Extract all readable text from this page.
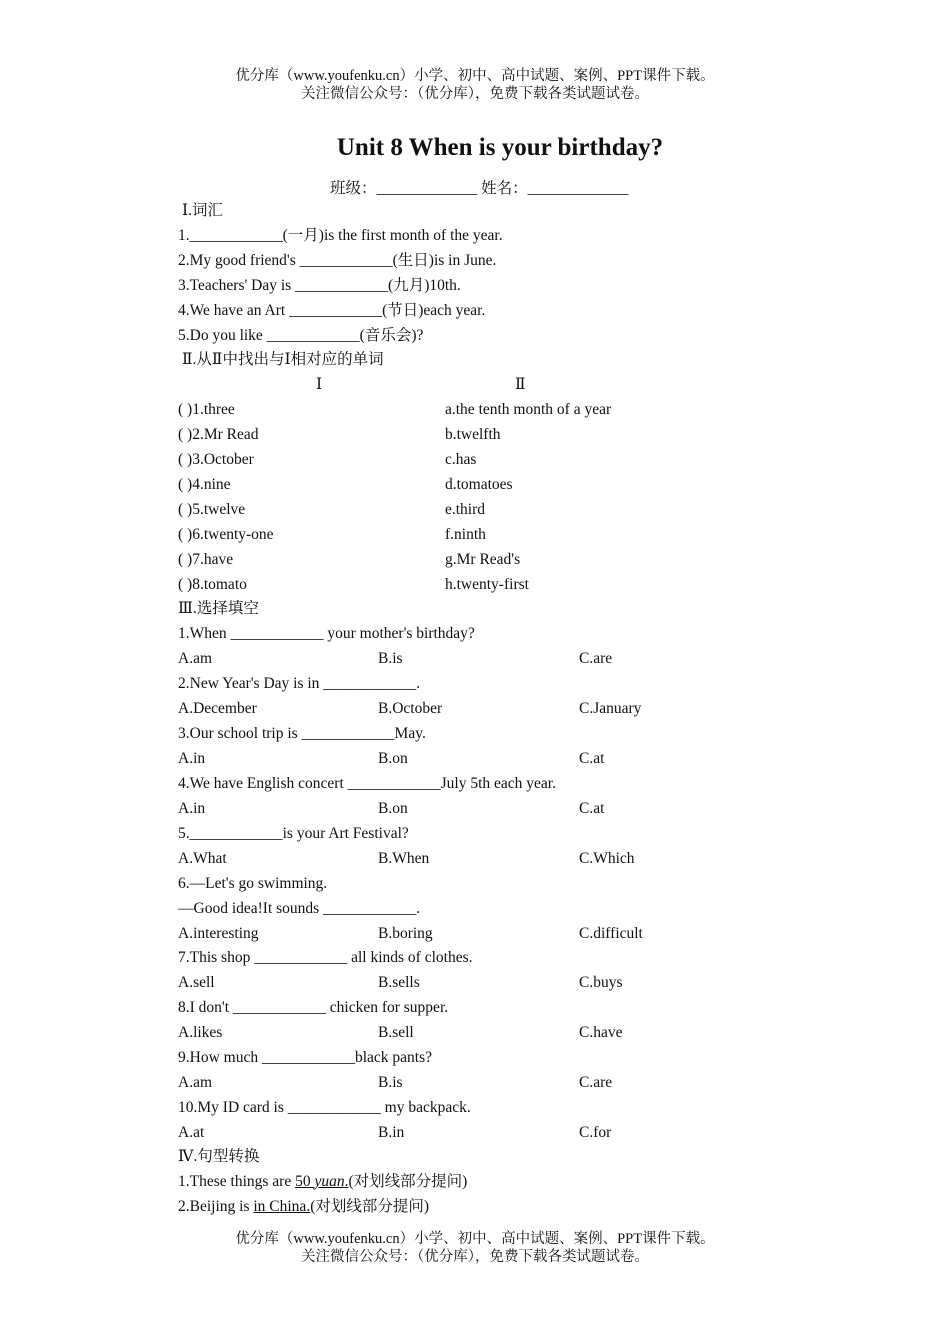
优分库（www.youfenku.cn）小学、初中、高中试题、案例、PPT课件下载。
关注微信公众号：（优分库），免费下载各类试题试卷。
Unit 8 When is your birthday?
班级：_____________ 姓名：_____________
Ⅰ.词汇
1.____________(一月)is the first month of the year.
2.My good friend's ____________(生日)is in June.
3.Teachers' Day is ____________(九月)10th.
4.We have an Art ____________(节日)each year.
5.Do you like ____________(音乐会)?
Ⅱ.从Ⅱ中找出与Ⅰ相对应的单词
Ⅰ	Ⅱ
( )1.three	a.the tenth month of a year
( )2.Mr Read	b.twelfth
( )3.October	c.has
( )4.nine	d.tomatoes
( )5.twelve	e.third
( )6.twenty-one	f.ninth
( )7.have	g.Mr Read's
( )8.tomato	h.twenty-first
Ⅲ.选择填空
1.When ____________ your mother's birthday?
A.am	B.is	C.are
2.New Year's Day is in ____________.
A.December	B.October	C.January
3.Our school trip is ____________May.
A.in	B.on	C.at
4.We have English concert ____________July 5th each year.
A.in	B.on	C.at
5.____________is your Art Festival?
A.What	B.When	C.Which
6.—Let's go swimming.
—Good idea!It sounds ____________.
A.interesting	B.boring	C.difficult
7.This shop ____________ all kinds of clothes.
A.sell	B.sells	C.buys
8.I don't ____________ chicken for supper.
A.likes	B.sell	C.have
9.How much ____________black pants?
A.am	B.is	C.are
10.My ID card is ____________ my backpack.
A.at	B.in	C.for
Ⅳ.句型转换
1.These things are 50 yuan.(对划线部分提问)
2.Beijing is in China.(对划线部分提问)
优分库（www.youfenku.cn）小学、初中、高中试题、案例、PPT课件下载。
关注微信公众号：（优分库），免费下载各类试题试卷。
